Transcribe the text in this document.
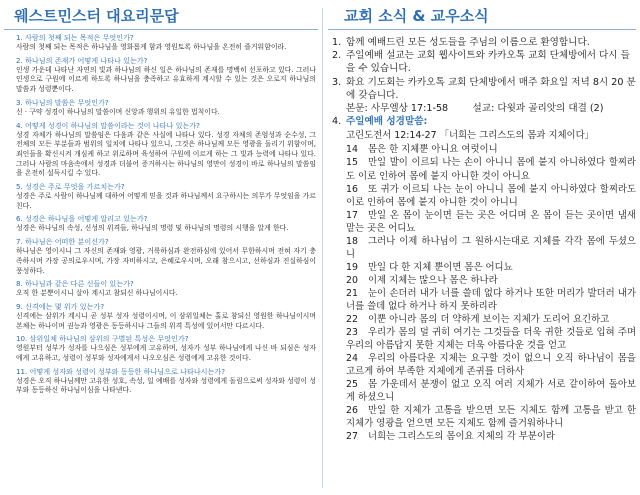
웨스트민스터 대요리문답
1. 사람의 첫째 되는 목적은 무엇인가?
사람의 첫째 되는 목적은 하나님을 영화롭게 함과 영원토록 하나님을 온전히 즐거워함이라.
2. 하나님의 존재가 어떻게 나타나 있는가?
인생 가운데 나타난 자연의 빛과 하나님의 하신 일은 하나님의 존재를 명백히 선포하고 있다. 그러나 인생으로 구원에 이르게 하도록 하나님을 충족하고 유효하게 계시할 수 있는 것은 오로지 하나님의 말씀과 성령뿐이다.
3. 하나님의 말씀은 무엇인가?
신 · 구약 성경이 하나님의 말씀이며 신앙과 행위의 유일한 법칙이다.
4. 어떻게 성경이 하나님의 말씀이라는 것이 나타나 있는가?
성경 자체가 하나님의 말씀임은 다음과 같은 사실에 나타나 있다. 성경 자체의 존엄성과 순수성, 그 전체의 모든 부분들과 범위의 일치에 나타나 있으니, 그것은 하나님께 모든 영광을 돌리기 위함이며, 죄인들을 확신시켜 개심케 하고 위로하며 육성하여 구원에 이르게 하는 그 빛과 능력에 나타나 있다. 그러나 사람의 마음속에서 성경과 더불어 증거하시는 하나님의 영만이 성경이 바로 하나님의 말씀임을 온전히 설득시킬 수 있다.
5. 성경은 주로 무엇을 가르치는가?
성경은 주로 사람이 하나님께 대하여 어떻게 믿을 것과 하나님께서 요구하시는 의무가 무엇임을 가르친다.
6. 성경은 하나님을 어떻게 알리고 있는가?
성경은 하나님의 속성, 신성의 위격들, 하나님의 명령 및 하나님의 명령의 시행을 알게 한다.
7. 하나님은 어떠한 분이신가?
하나님은 영이시니 그 자신의 존재와 영광, 거룩하심과 완전하심에 있어서 무한하시며 전혀 자기 충족하시며 가장 공의로우시며, 가장 자비하시고, 은혜로우시며, 오래 참으시고, 선하심과 진실하심이 풍성하다.
8. 하나님과 같은 다른 신들이 있는가?
오직 한 분뿐이시니 살아 계시고 참되신 하나님이시다.
9. 신격에는 몇 위가 있는가?
신격에는 삼위가 계시니 곧 성부 성자 성령이시며, 이 삼위일체는 홀로 참되신 영원한 하나님이시며 본체는 하나이며 권능과 영광은 동등하시나 그들의 위격 특성에 있어서만 다르시다.
10. 삼위일체 하나님의 삼위의 구별된 특성은 무엇인가?
영원부터 성부가 성자를 나으심은 성부에게 고유하며, 성자가 성부 하나님에게 나신 바 되심은 성자에게 고유하고, 성령이 성부와 성자에게서 나오오심은 성령에게 고유한 것이다.
11. 어떻게 성자와 성령이 성부와 동등한 하나님으로 나타나시는가?
성경은 오직 하나님께만 고유한 성호, 속성, 일 예배를 성자와 성령에게 돌림으로써 성자와 성령이 성부와 동등하신 하나님이심을 나타낸다.
교회 소식 & 교우소식
1. 함께 예배드린 모든 성도들을 주님의 이름으로 환영합니다.
2. 주일예배 설교는 교회 웹사이트와 카카오톡 교회 단체방에서 다시 들을 수 있습니다.
3. 화요 기도회는 카카오톡 교회 단체방에서 매주 화요일 저녁 8시 20 분에 갖습니다.
본문: 사무엘상 17:1-58        설교: 다윗과 골리앗의 대결 (2)
4. 주일예배 성경말씀:
고린도전서 12:14-27 「너희는 그리스도의 몸과 지체이다」
14 몸은 한 지체뿐 아니요 여럿이니
15 만일 발이 이르되 나는 손이 아니니 몸에 붙지 아니하였다 할찌라도 이로 인하여 몸에 붙지 아니한 것이 아니요
16 또 귀가 이르되 나는 눈이 아니니 몸에 붙지 아니하였다 할찌라도 이로 인하여 몸에 붙지 아니한 것이 아니니
17 만일 온 몸이 눈이면 듣는 곳은 어디며 온 몸이 듣는 곳이면 냄새 맡는 곳은 어디뇨
18 그러나 이제 하나님이 그 원하시는대로 지체를 각각 몸에 두셨으니
19 만일 다 한 지체 뿐이면 몸은 어디뇨
20 이제 지체는 많으나 몸은 하나라
21 눈이 손더러 내가 너를 쓸데 없다 하거나 또한 머리가 발더러 내가 너를 쓸데 없다 하거나 하지 못하리라
22 이뿐 아니라 몸의 더 약하게 보이는 지체가 도리어 요긴하고
23 우리가 몸의 덜 귀히 여기는 그것들을 더욱 귀한 것들로 입혀 주며 우리의 아름답지 못한 지체는 더욱 아름다운 것을 얻고
24 우리의 아름다운 지체는 요구할 것이 없으니 오직 하나님이 몸을 고르게 하여 부족한 지체에게 존귀를 더하사
25 몸 가운데서 분쟁이 없고 오직 여러 지체가 서로 같이하여 돌아보게 하셨으니
26 만일 한 지체가 고통을 받으면 모든 지체도 함께 고통을 받고 한 지체가 영광을 얻으면 모든 지체도 함께 즐거워하나니
27 너희는 그리스도의 몸이요 지체의 각 부분이라
